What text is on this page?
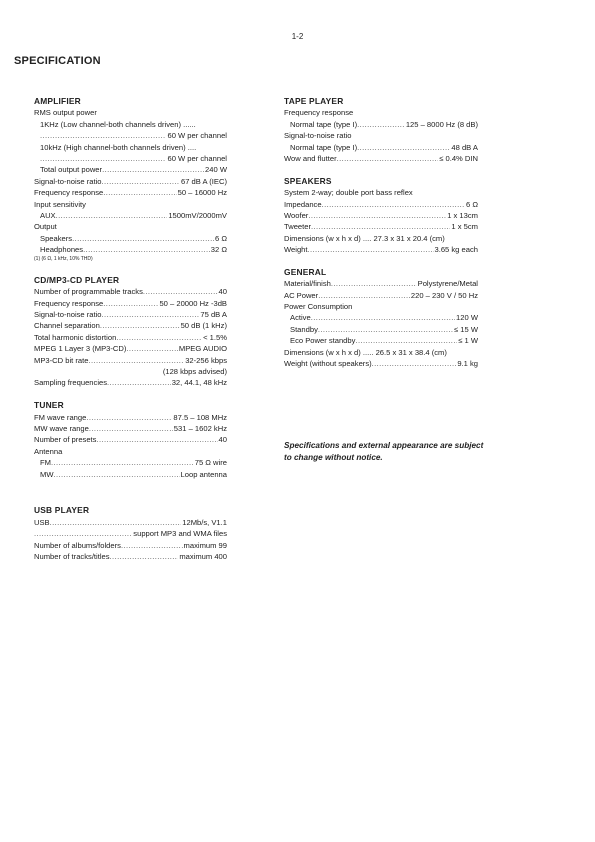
1-2
SPECIFICATION
AMPLIFIER
RMS output power
1KHz (Low channel-both channels driven) ......
.....
60 W per channel
10kHz (High channel-both channels driven) ....
.....
60 W per channel
Total output power .....	240 W
Signal-to-noise ratio .....	67 dB A (IEC)
Frequency response .....	50 – 16000 Hz
Input sensitivity
AUX .....	1500mV/2000mV
Output
Speakers .....	6 Ω
Headphones .....	32 Ω
(1) (6 Ω, 1 kHz, 10% THD)
CD/MP3-CD PLAYER
Number of programmable tracks .....	40
Frequency response .....	50 – 20000 Hz -3dB
Signal-to-noise ratio .....	75 dB A
Channel separation .....	50 dB (1 kHz)
Total harmonic distortion .....	< 1.5%
MPEG 1 Layer 3 (MP3-CD) .....	MPEG AUDIO
MP3-CD bit rate .....	32-256 kbps
(128 kbps advised)
Sampling frequencies .....	32, 44.1, 48 kHz
TUNER
FM wave range .....	87.5 – 108 MHz
MW wave range .....	531 – 1602 kHz
Number of presets .....	40
Antenna
FM .....	75 Ω wire
MW .....	Loop antenna
USB PLAYER
USB .....	12Mb/s, V1.1
.....
support MP3 and WMA files
Number of albums/folders .....	maximum 99
Number of tracks/titles .....	maximum 400
TAPE PLAYER
Frequency response
Normal tape (type I) .....	125 – 8000 Hz (8 dB)
Signal-to-noise ratio
Normal tape (type I) .....	48 dB A
Wow and flutter .....	≤ 0.4% DIN
SPEAKERS
System 2-way; double port bass reflex
Impedance .....	6 Ω
Woofer .....	1 x 13cm
Tweeter .....	1 x 5cm
Dimensions (w x h x d) .... 27.3 x 31 x 20.4 (cm)
Weight .....	3.65 kg each
GENERAL
Material/finish .....	Polystyrene/Metal
AC Power .....	220 – 230 V / 50 Hz
Power Consumption
Active .....	120 W
Standby .....	≤ 15 W
Eco Power standby .....	≤ 1 W
Dimensions (w x h x d) ..... 26.5 x 31 x 38.4 (cm)
Weight (without speakers) .....	9.1 kg
Specifications and external appearance are subject to change without notice.
